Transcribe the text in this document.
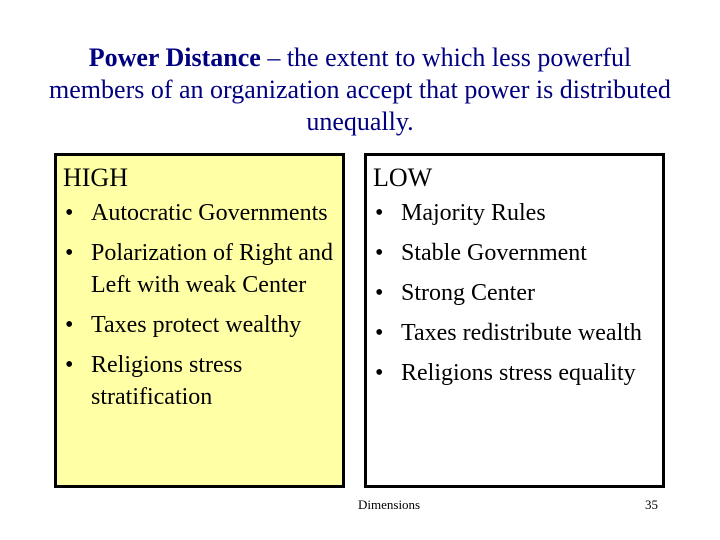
Power Distance – the extent to which less powerful members of an organization accept that power is distributed unequally.
HIGH
• Autocratic Governments
• Polarization of Right and Left with weak Center
• Taxes protect wealthy
• Religions stress stratification
LOW
• Majority Rules
• Stable Government
• Strong Center
• Taxes redistribute wealth
• Religions stress equality
Dimensions	35
